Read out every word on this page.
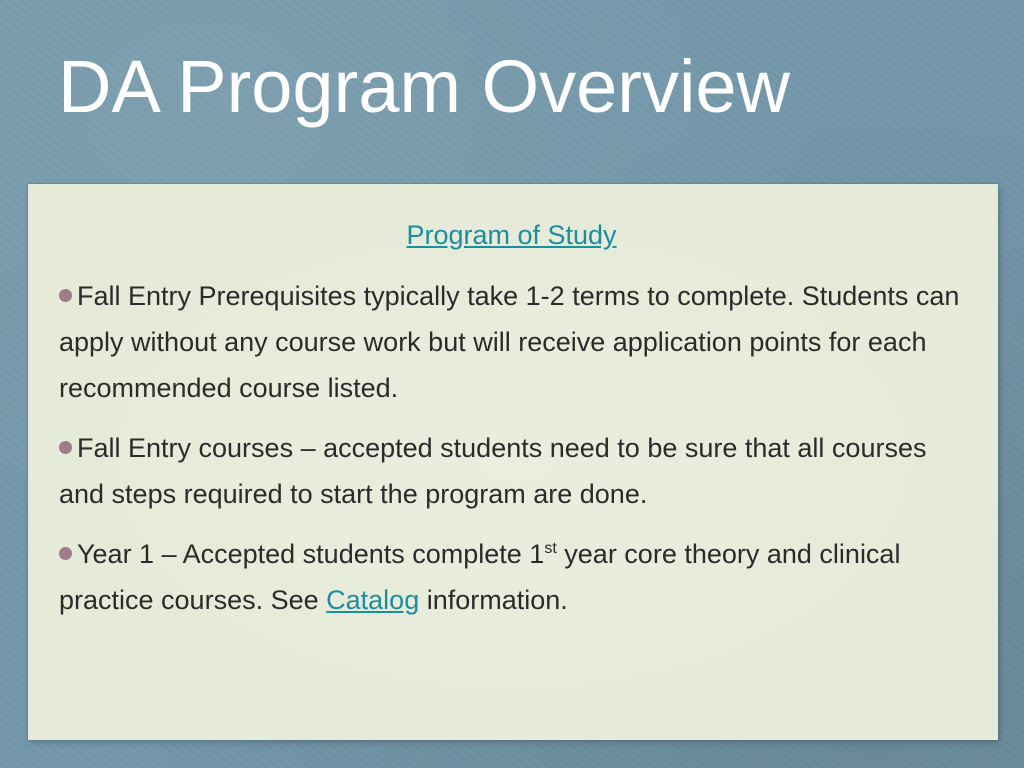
DA Program Overview
Program of Study

Fall Entry Prerequisites typically take 1-2 terms to complete. Students can apply without any course work but will receive application points for each recommended course listed.

Fall Entry courses – accepted students need to be sure that all courses and steps required to start the program are done.

Year 1 – Accepted students complete 1st year core theory and clinical practice courses. See Catalog information.
